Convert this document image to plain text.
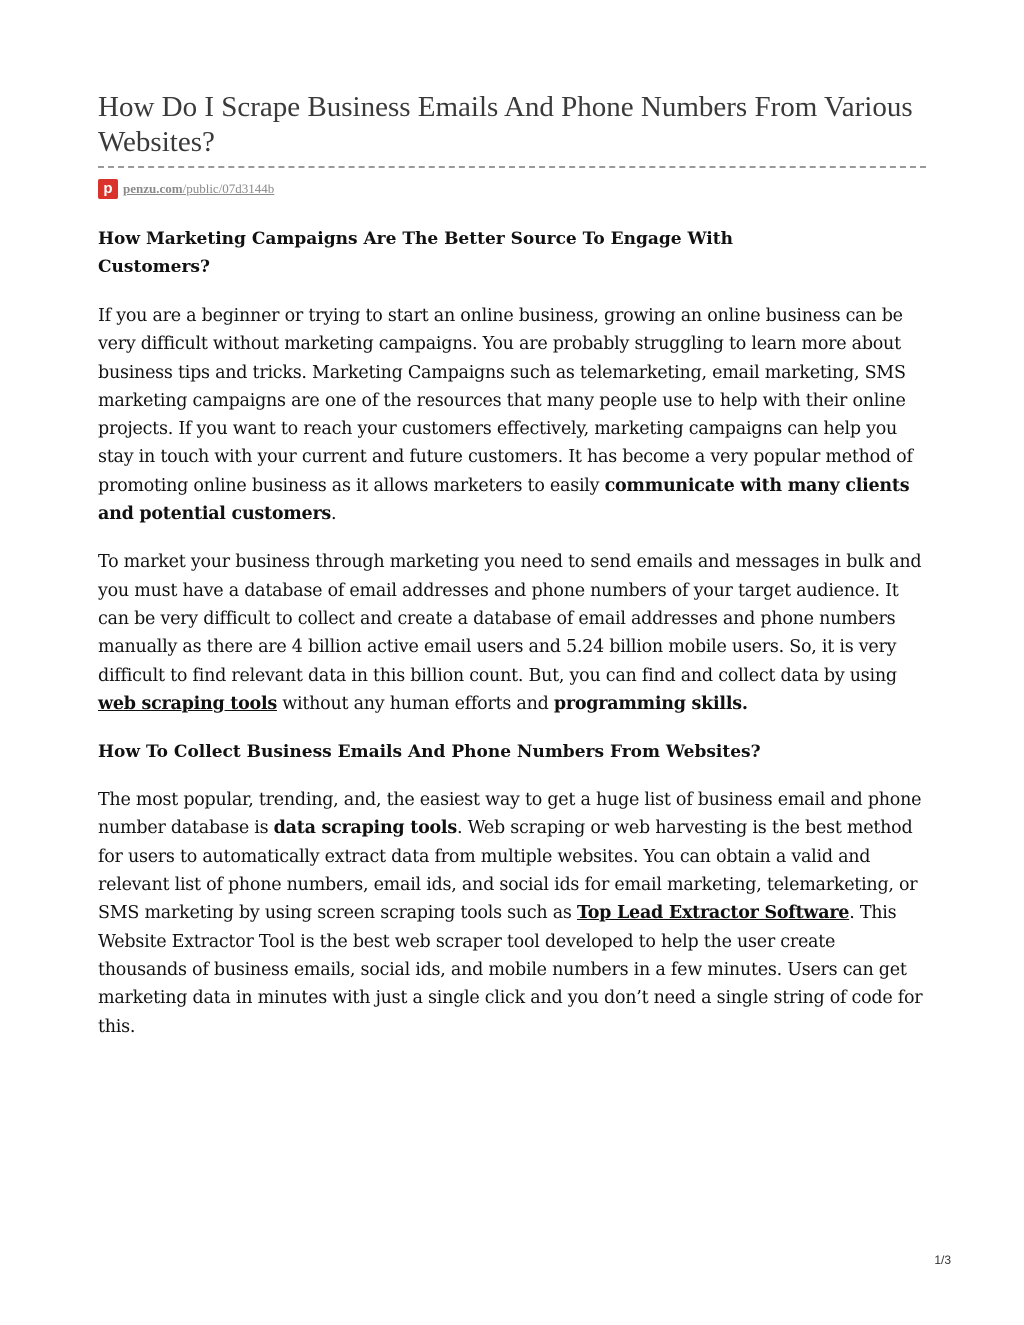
How Do I Scrape Business Emails And Phone Numbers From Various Websites?
p penzu.com /public/07d3144b
How Marketing Campaigns Are The Better Source To Engage With Customers?

If you are a beginner or trying to start an online business, growing an online business can be very difficult without marketing campaigns. You are probably struggling to learn more about business tips and tricks. Marketing Campaigns such as telemarketing, email marketing, SMS marketing campaigns are one of the resources that many people use to help with their online projects. If you want to reach your customers effectively, marketing campaigns can help you stay in touch with your current and future customers. It has become a very popular method of promoting online business as it allows marketers to easily communicate with many clients and potential customers.

To market your business through marketing you need to send emails and messages in bulk and you must have a database of email addresses and phone numbers of your target audience. It can be very difficult to collect and create a database of email addresses and phone numbers manually as there are 4 billion active email users and 5.24 billion mobile users. So, it is very difficult to find relevant data in this billion count. But, you can find and collect data by using web scraping tools without any human efforts and programming skills.

How To Collect Business Emails And Phone Numbers From Websites?

The most popular, trending, and, the easiest way to get a huge list of business email and phone number database is data scraping tools. Web scraping or web harvesting is the best method for users to automatically extract data from multiple websites. You can obtain a valid and relevant list of phone numbers, email ids, and social ids for email marketing, telemarketing, or SMS marketing by using screen scraping tools such as Top Lead Extractor Software. This Website Extractor Tool is the best web scraper tool developed to help the user create thousands of business emails, social ids, and mobile numbers in a few minutes. Users can get marketing data in minutes with just a single click and you don’t need a single string of code for this.

1/3
